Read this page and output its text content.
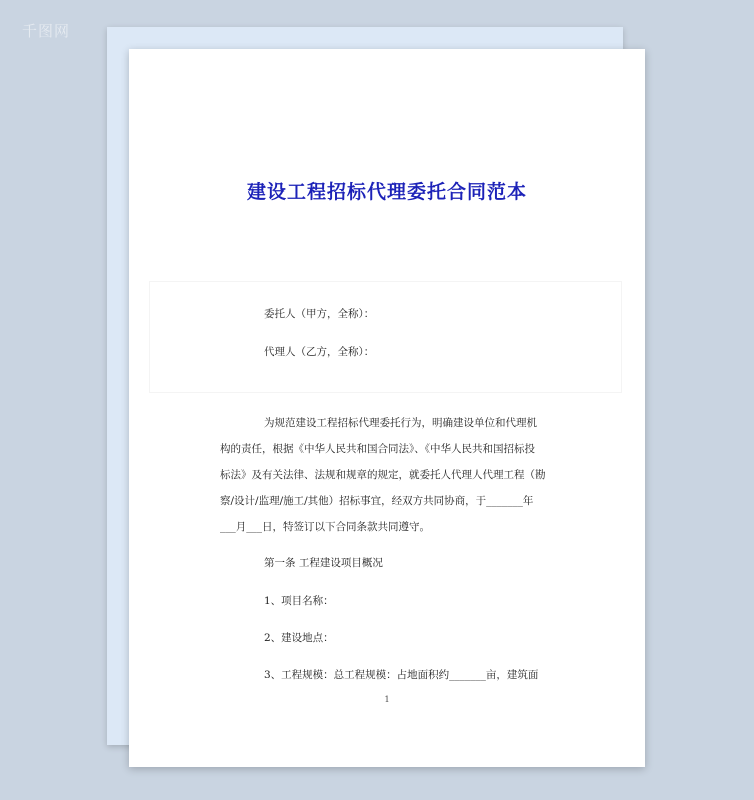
千图网
建设工程招标代理委托合同范本
委托人（甲方，全称）：
代理人（乙方，全称）：
为规范建设工程招标代理委托行为，明确建设单位和代理机
构的责任，根据《中华人民共和国合同法》、《中华人民共和国招标投
标法》及有关法律、法规和规章的规定，就委托人代理人代理工程（勘
察/设计/监理/施工/其他）招标事宜，经双方共同协商，于_______年
___月___日，特签订以下合同条款共同遵守。
第一条 工程建设项目概况
1、项目名称：
2、建设地点：
3、工程规模：总工程规模：占地面积约_______亩，建筑面
1
